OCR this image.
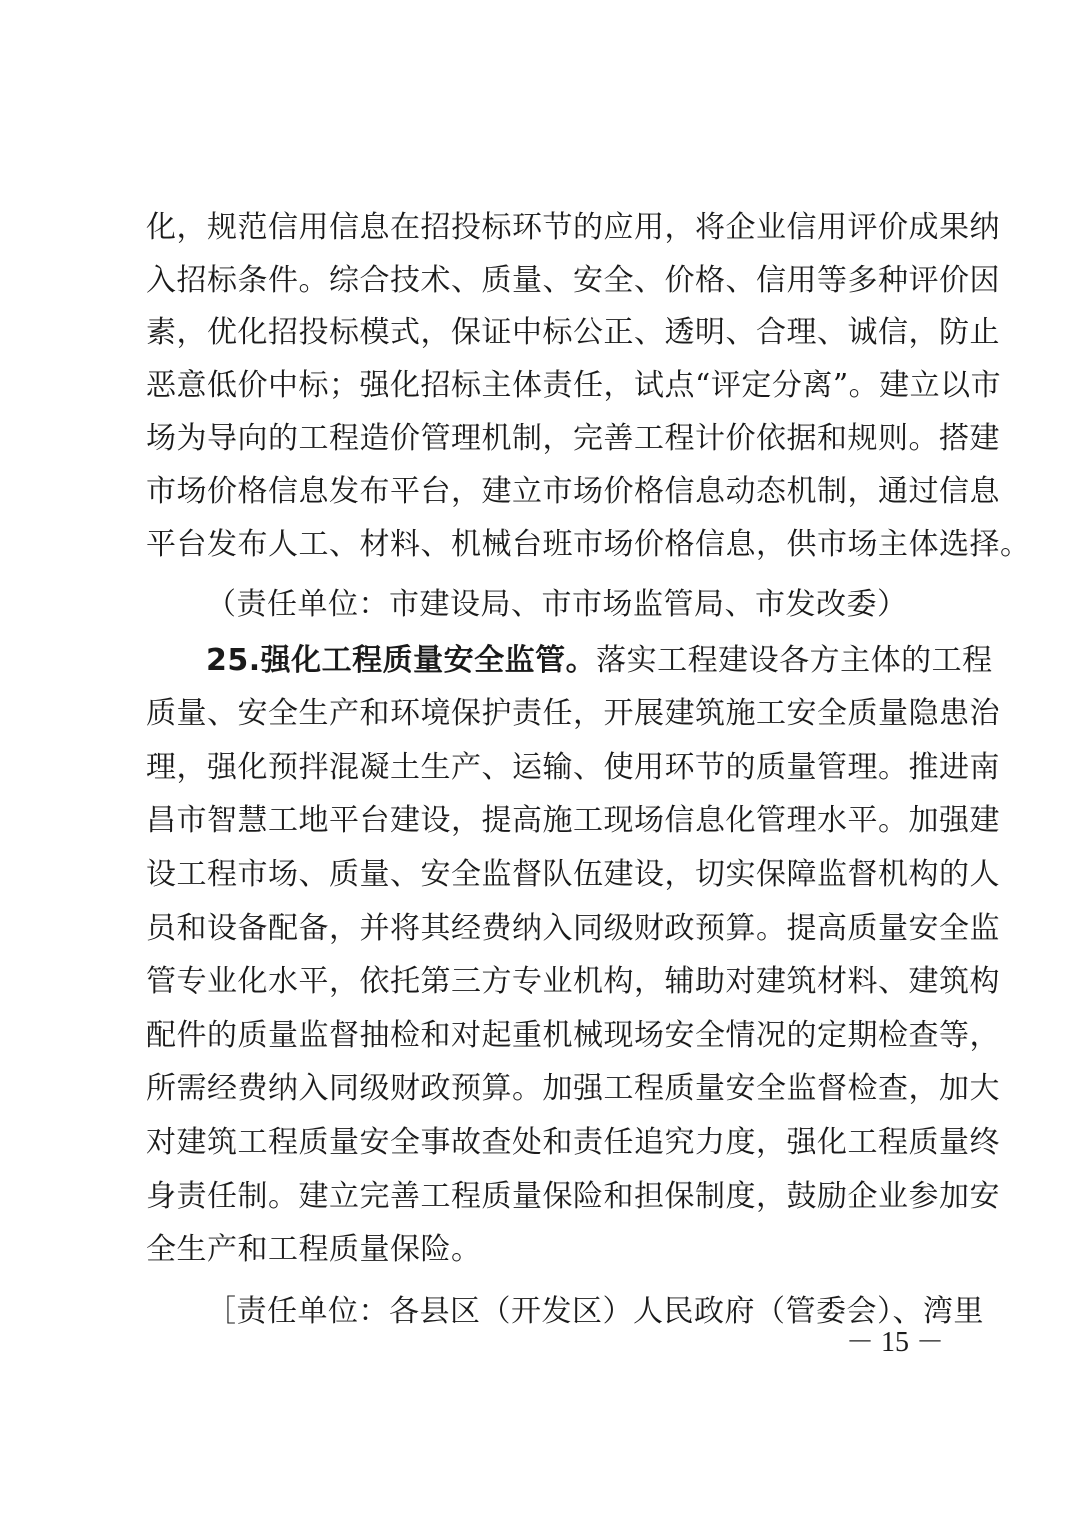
化，规范信用信息在招投标环节的应用，将企业信用评价成果纳
入招标条件。综合技术、质量、安全、价格、信用等多种评价因
素，优化招投标模式，保证中标公正、透明、合理、诚信，防止
恶意低价中标；强化招标主体责任，试点“评定分离”。建立以市
场为导向的工程造价管理机制，完善工程计价依据和规则。搭建
市场价格信息发布平台，建立市场价格信息动态机制，通过信息
平台发布人工、材料、机械台班市场价格信息，供市场主体选择。
（责任单位：市建设局、市市场监管局、市发改委）
25.强化工程质量安全监管。落实工程建设各方主体的工程
质量、安全生产和环境保护责任，开展建筑施工安全质量隐患治
理，强化预拌混凝土生产、运输、使用环节的质量管理。推进南
昌市智慧工地平台建设，提高施工现场信息化管理水平。加强建
设工程市场、质量、安全监督队伍建设，切实保障监督机构的人
员和设备配备，并将其经费纳入同级财政预算。提高质量安全监
管专业化水平，依托第三方专业机构，辅助对建筑材料、建筑构
配件的质量监督抽检和对起重机械现场安全情况的定期检查等，
所需经费纳入同级财政预算。加强工程质量安全监督检查，加大
对建筑工程质量安全事故查处和责任追究力度，强化工程质量终
身责任制。建立完善工程质量保险和担保制度，鼓励企业参加安
全生产和工程质量保险。
［责任单位：各县区（开发区）人民政府（管委会）、湾里
－ 15 －
